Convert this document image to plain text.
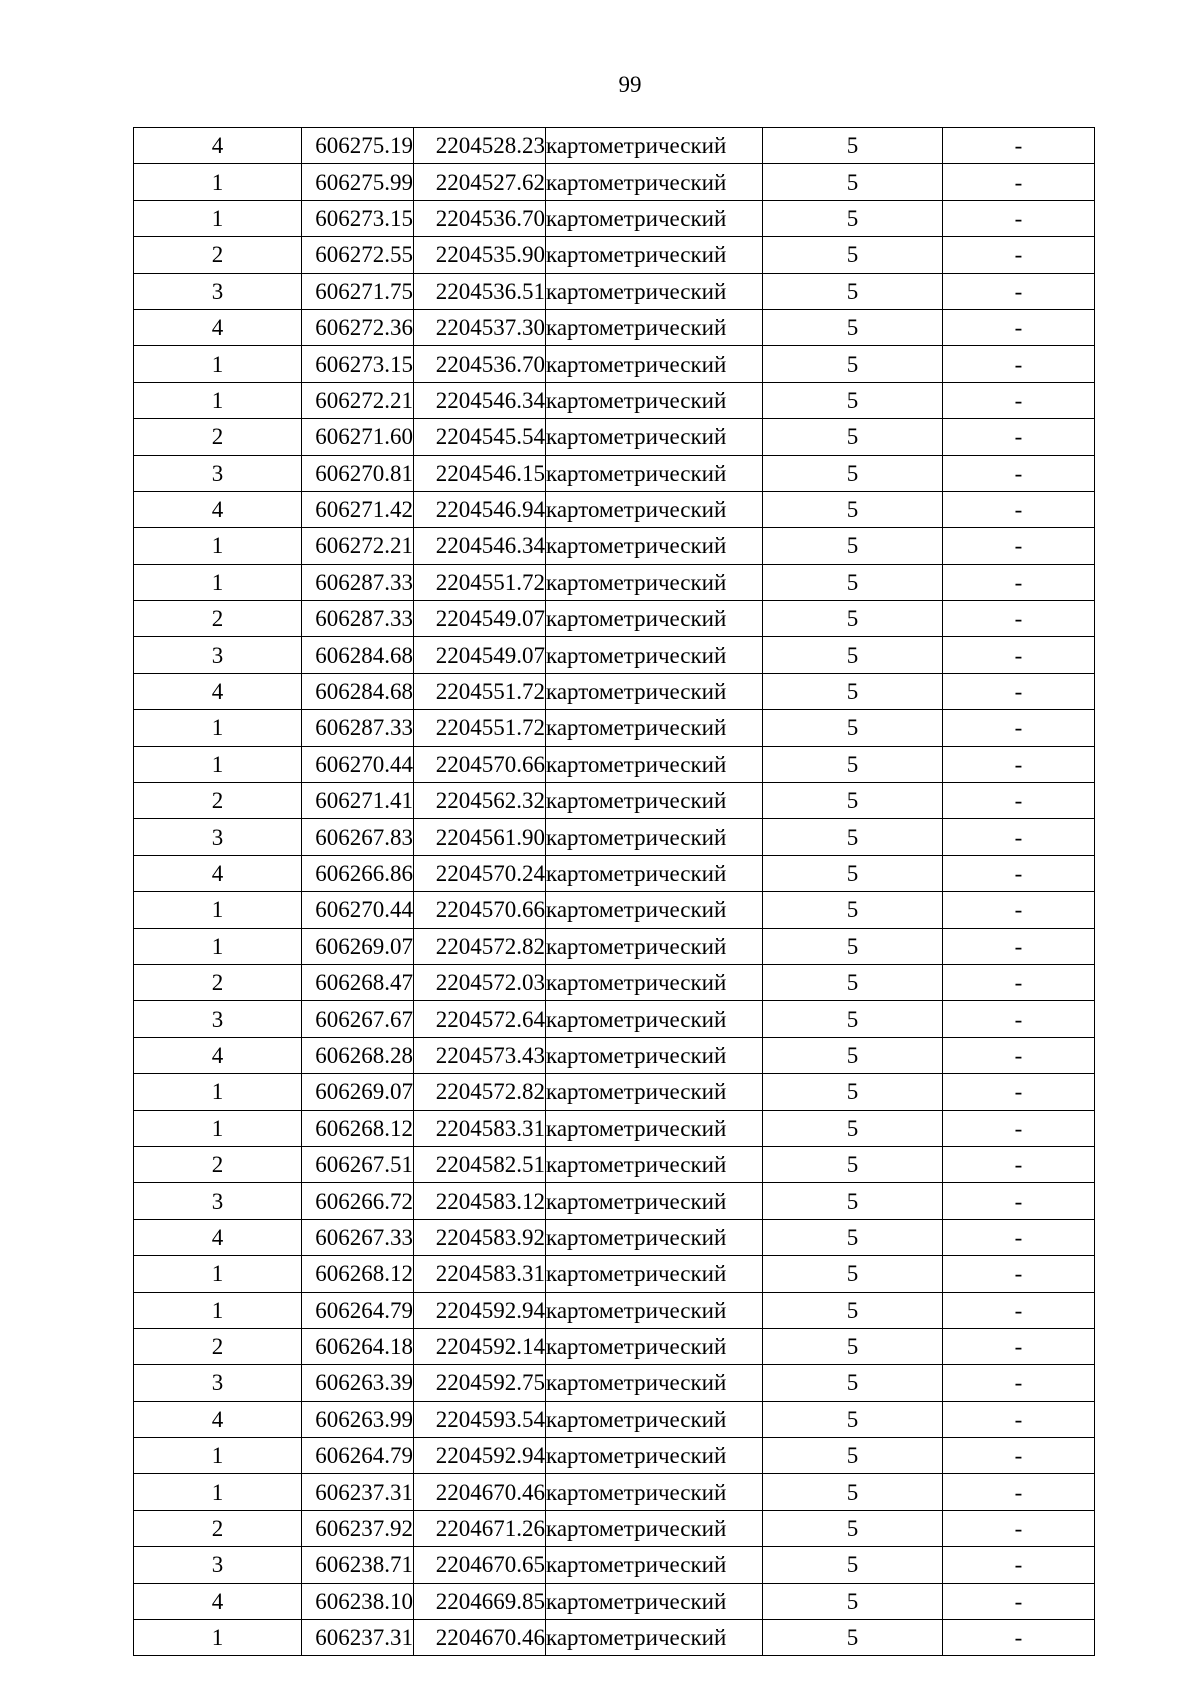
99
4	606275.19	2204528.23	картометрический	5	-
1	606275.99	2204527.62	картометрический	5	-
1	606273.15	2204536.70	картометрический	5	-
2	606272.55	2204535.90	картометрический	5	-
3	606271.75	2204536.51	картометрический	5	-
4	606272.36	2204537.30	картометрический	5	-
1	606273.15	2204536.70	картометрический	5	-
1	606272.21	2204546.34	картометрический	5	-
2	606271.60	2204545.54	картометрический	5	-
3	606270.81	2204546.15	картометрический	5	-
4	606271.42	2204546.94	картометрический	5	-
1	606272.21	2204546.34	картометрический	5	-
1	606287.33	2204551.72	картометрический	5	-
2	606287.33	2204549.07	картометрический	5	-
3	606284.68	2204549.07	картометрический	5	-
4	606284.68	2204551.72	картометрический	5	-
1	606287.33	2204551.72	картометрический	5	-
1	606270.44	2204570.66	картометрический	5	-
2	606271.41	2204562.32	картометрический	5	-
3	606267.83	2204561.90	картометрический	5	-
4	606266.86	2204570.24	картометрический	5	-
1	606270.44	2204570.66	картометрический	5	-
1	606269.07	2204572.82	картометрический	5	-
2	606268.47	2204572.03	картометрический	5	-
3	606267.67	2204572.64	картометрический	5	-
4	606268.28	2204573.43	картометрический	5	-
1	606269.07	2204572.82	картометрический	5	-
1	606268.12	2204583.31	картометрический	5	-
2	606267.51	2204582.51	картометрический	5	-
3	606266.72	2204583.12	картометрический	5	-
4	606267.33	2204583.92	картометрический	5	-
1	606268.12	2204583.31	картометрический	5	-
1	606264.79	2204592.94	картометрический	5	-
2	606264.18	2204592.14	картометрический	5	-
3	606263.39	2204592.75	картометрический	5	-
4	606263.99	2204593.54	картометрический	5	-
1	606264.79	2204592.94	картометрический	5	-
1	606237.31	2204670.46	картометрический	5	-
2	606237.92	2204671.26	картометрический	5	-
3	606238.71	2204670.65	картометрический	5	-
4	606238.10	2204669.85	картометрический	5	-
1	606237.31	2204670.46	картометрический	5	-
